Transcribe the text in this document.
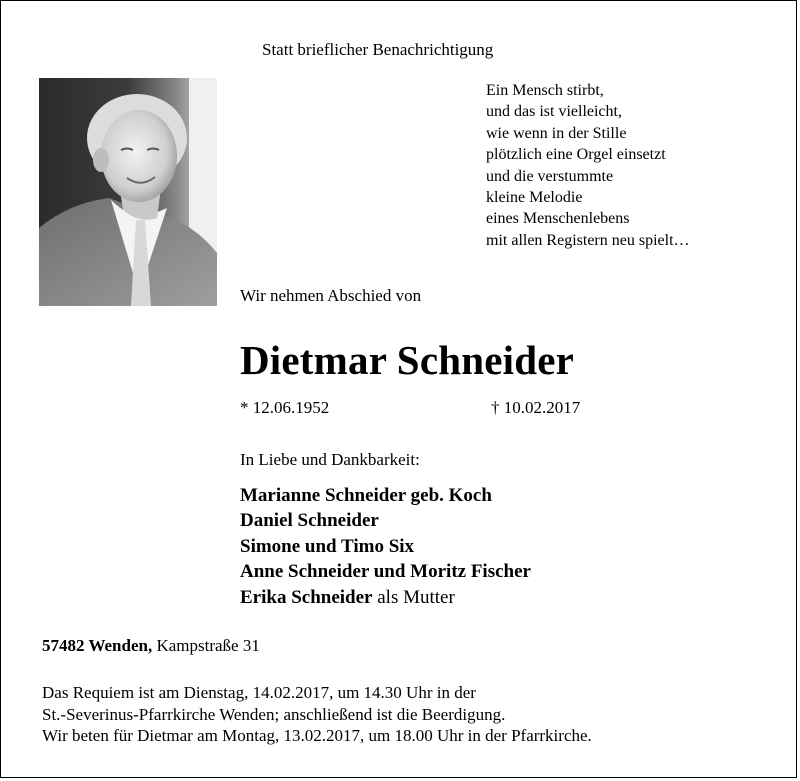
Statt brieflicher Benachrichtigung
Ein Mensch stirbt,
und das ist vielleicht,
wie wenn in der Stille
plötzlich eine Orgel einsetzt
und die verstummte
kleine Melodie
eines Menschenlebens
mit allen Registern neu spielt…
Wir nehmen Abschied von
Dietmar Schneider
* 12.06.1952	† 10.02.2017
In Liebe und Dankbarkeit:
Marianne Schneider geb. Koch
Daniel Schneider
Simone und Timo Six
Anne Schneider und Moritz Fischer
Erika Schneider als Mutter
57482 Wenden, Kampstraße 31
Das Requiem ist am Dienstag, 14.02.2017, um 14.30 Uhr in der
St.-Severinus-Pfarrkirche Wenden; anschließend ist die Beerdigung.
Wir beten für Dietmar am Montag, 13.02.2017, um 18.00 Uhr in der Pfarrkirche.
